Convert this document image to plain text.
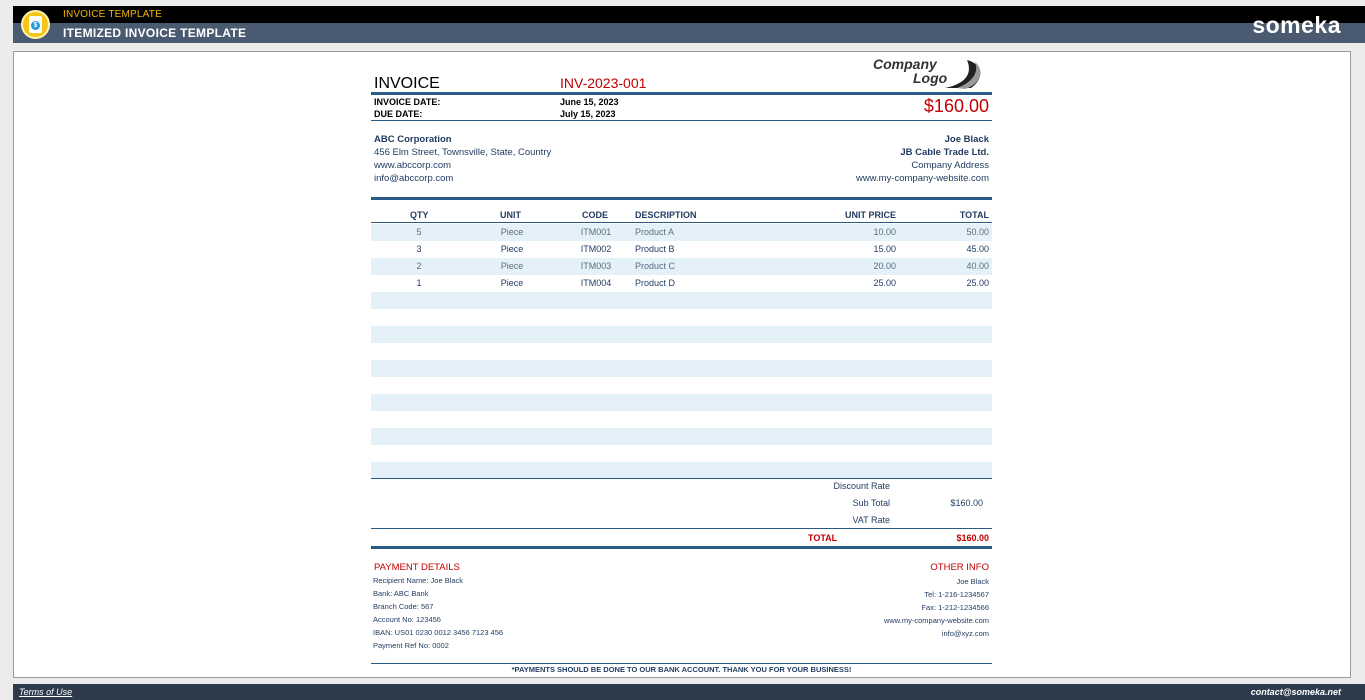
$
INVOICE TEMPLATE
ITEMIZED INVOICE TEMPLATE	someka
INVOICE	INV-2023-001
Company
Logo
INVOICE DATE:	June 15, 2023
DUE DATE:	July 15, 2023	$160.00
ABC Corporation
456 Elm Street, Townsville, State, Country
www.abccorp.com
info@abccorp.com
Joe Black
JB Cable Trade Ltd.
Company Address
www.my-company-website.com
QTY	UNIT	CODE	DESCRIPTION	UNIT PRICE	TOTAL
5	Piece	ITM001	Product A	10.00	50.00
3	Piece	ITM002	Product B	15.00	45.00
2	Piece	ITM003	Product C	20.00	40.00
1	Piece	ITM004	Product D	25.00	25.00
Discount Rate
Sub Total	$160.00
VAT Rate
TOTAL	$160.00
PAYMENT DETAILS
Recipient Name: Joe Black
Bank: ABC Bank
Branch Code: 567
Account No: 123456
IBAN: US01 0230 0012 3456 7123 456
Payment Ref No: 0002
OTHER INFO
Joe Black
Tel: 1-216-1234567
Fax: 1-212-1234566
www.my-company-website.com
info@xyz.com
*PAYMENTS SHOULD BE DONE TO OUR BANK ACCOUNT. THANK YOU FOR YOUR BUSINESS!
Terms of Use	contact@someka.net
